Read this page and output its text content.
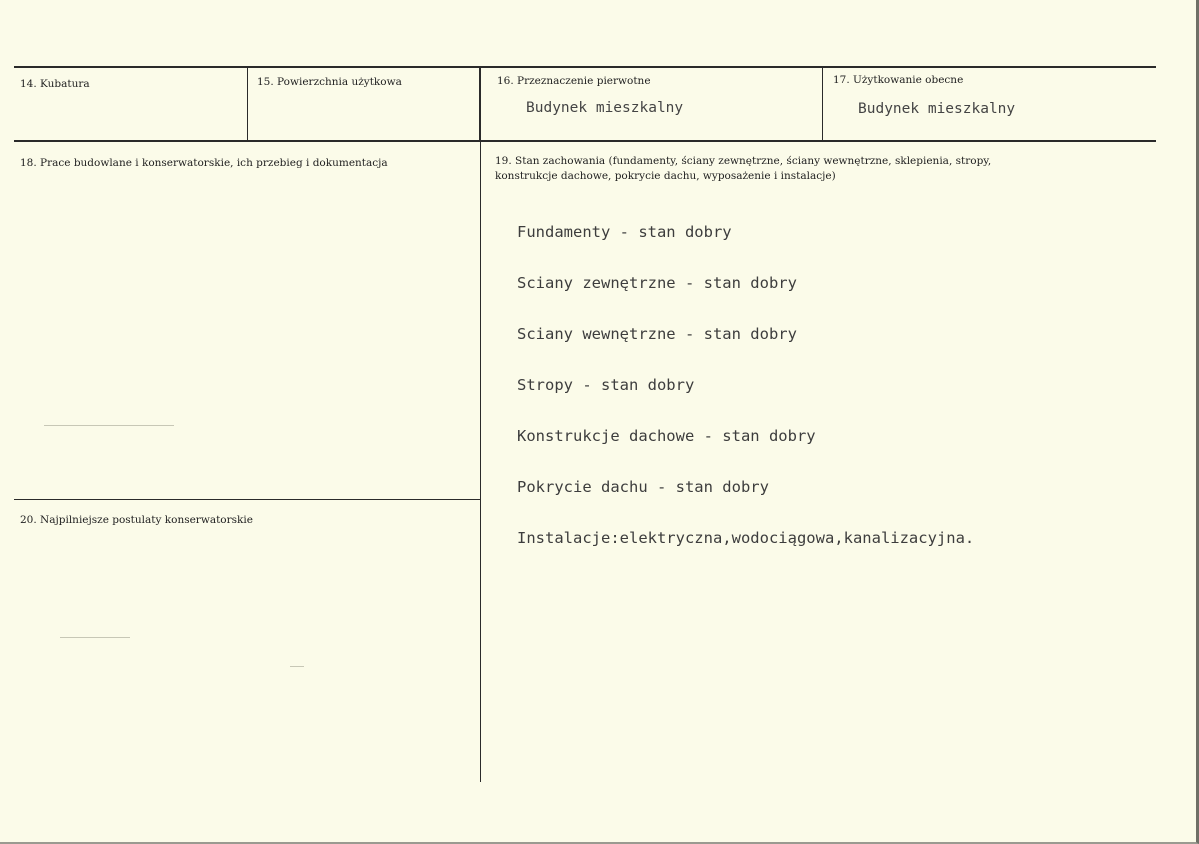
14. Kubatura	15. Powierzchnia użytkowa	16. Przeznaczenie pierwotne
Budynek mieszkalny
17. Użytkowanie obecne
Budynek mieszkalny
18. Prace budowlane i konserwatorskie, ich przebieg i dokumentacja	19. Stan zachowania (fundamenty, ściany zewnętrzne, ściany wewnętrzne, sklepienia, stropy,
konstrukcje dachowe, pokrycie dachu, wyposażenie i instalacje)

Fundamenty - stan dobry

Sciany zewnętrzne - stan dobry

Sciany wewnętrzne - stan dobry

Stropy - stan dobry

Konstrukcje dachowe - stan dobry

Pokrycie dachu - stan dobry

Instalacje:elektryczna,wodociągowa,kanalizacyjna.

20. Najpilniejsze postulaty konserwatorskie
